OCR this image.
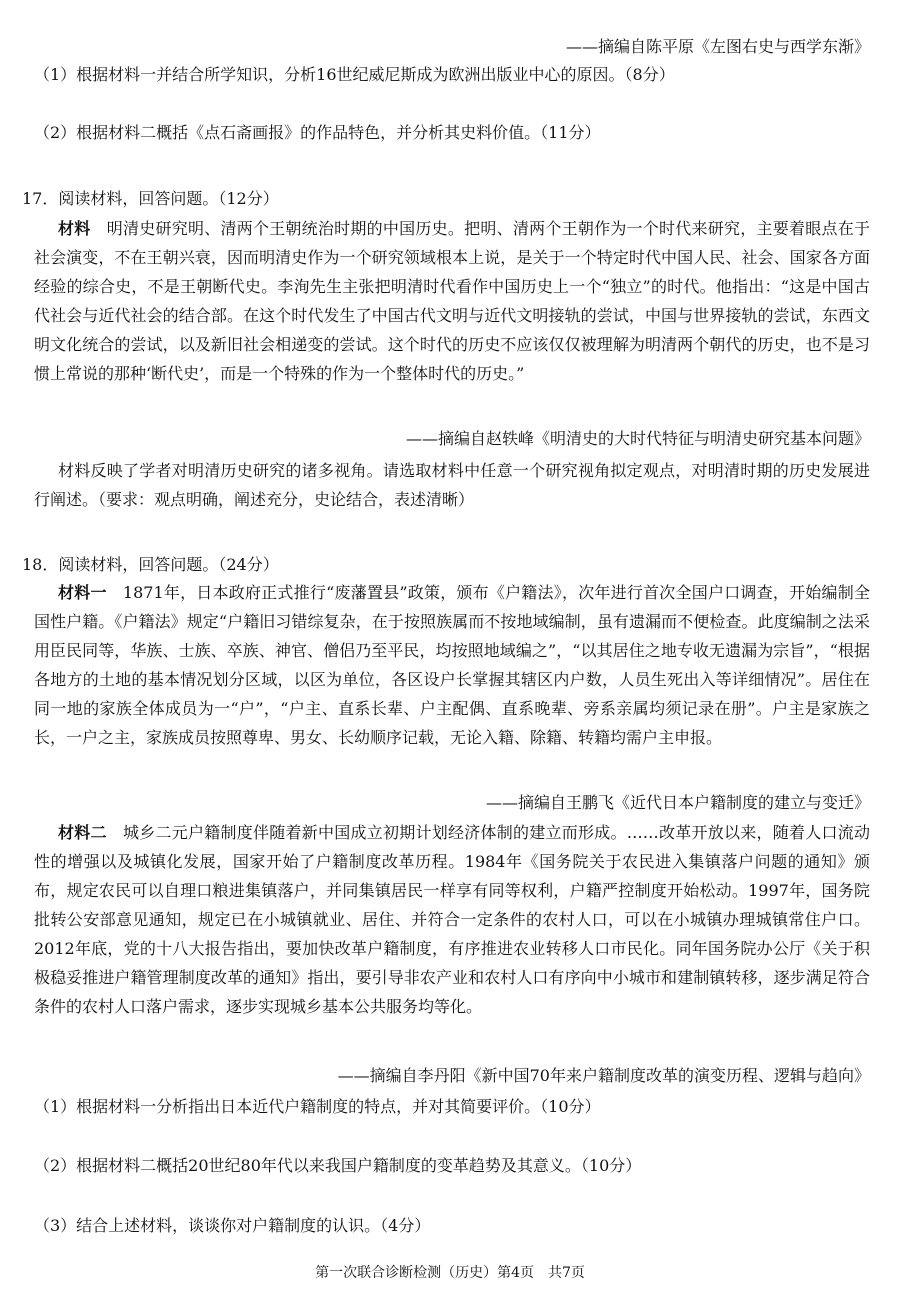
——摘编自陈平原《左图右史与西学东渐》
（1）根据材料一并结合所学知识，分析16世纪威尼斯成为欧洲出版业中心的原因。（8分）
（2）根据材料二概括《点石斋画报》的作品特色，并分析其史料价值。（11分）
17．阅读材料，回答问题。（12分）
材料　 明清史研究明、清两个王朝统治时期的中国历史。把明、清两个王朝作为一个时代来研究，主要着眼点在于社会演变，不在王朝兴衰，因而明清史作为一个研究领域根本上说，是关于一个特定时代中国人民、社会、国家各方面经验的综合史，不是王朝断代史。李洵先生主张把明清时代看作中国历史上一个“独立”的时代。他指出：“这是中国古代社会与近代社会的结合部。在这个时代发生了中国古代文明与近代文明接轨的尝试，中国与世界接轨的尝试，东西文明文化统合的尝试，以及新旧社会相递变的尝试。这个时代的历史不应该仅仅被理解为明清两个朝代的历史，也不是习惯上常说的那种‘断代史’，而是一个特殊的作为一个整体时代的历史。”
——摘编自赵轶峰《明清史的大时代特征与明清史研究基本问题》
材料反映了学者对明清历史研究的诸多视角。请选取材料中任意一个研究视角拟定观点，对明清时期的历史发展进行阐述。（要求：观点明确，阐述充分，史论结合，表述清晰）
18．阅读材料，回答问题。（24分）
材料一　 1871年，日本政府正式推行“废藩置县”政策，颁布《户籍法》，次年进行首次全国户口调查，开始编制全国性户籍。《户籍法》规定“户籍旧习错综复杂，在于按照族属而不按地域编制，虽有遗漏而不便检查。此度编制之法采用臣民同等，华族、士族、卒族、神官、僧侣乃至平民，均按照地域编之”，“以其居住之地专收无遗漏为宗旨”，“根据各地方的土地的基本情况划分区域，以区为单位，各区设户长掌握其辖区内户数，人员生死出入等详细情况”。居住在同一地的家族全体成员为一“户”，“户主、直系长辈、户主配偶、直系晚辈、旁系亲属均须记录在册”。户主是家族之长，一户之主，家族成员按照尊卑、男女、长幼顺序记载，无论入籍、除籍、转籍均需户主申报。
——摘编自王鹏飞《近代日本户籍制度的建立与变迁》
材料二　 城乡二元户籍制度伴随着新中国成立初期计划经济体制的建立而形成。……改革开放以来，随着人口流动性的增强以及城镇化发展，国家开始了户籍制度改革历程。1984年《国务院关于农民进入集镇落户问题的通知》颁布，规定农民可以自理口粮进集镇落户，并同集镇居民一样享有同等权利，户籍严控制度开始松动。1997年，国务院批转公安部意见通知，规定已在小城镇就业、居住、并符合一定条件的农村人口，可以在小城镇办理城镇常住户口。2012年底，党的十八大报告指出，要加快改革户籍制度，有序推进农业转移人口市民化。同年国务院办公厅《关于积极稳妥推进户籍管理制度改革的通知》指出，要引导非农产业和农村人口有序向中小城市和建制镇转移，逐步满足符合条件的农村人口落户需求，逐步实现城乡基本公共服务均等化。
——摘编自李丹阳《新中国70年来户籍制度改革的演变历程、逻辑与趋向》
（1）根据材料一分析指出日本近代户籍制度的特点，并对其简要评价。（10分）
（2）根据材料二概括20世纪80年代以来我国户籍制度的变革趋势及其意义。（10分）
（3）结合上述材料，谈谈你对户籍制度的认识。（4分）
第一次联合诊断检测（历史）第4页　共7页
